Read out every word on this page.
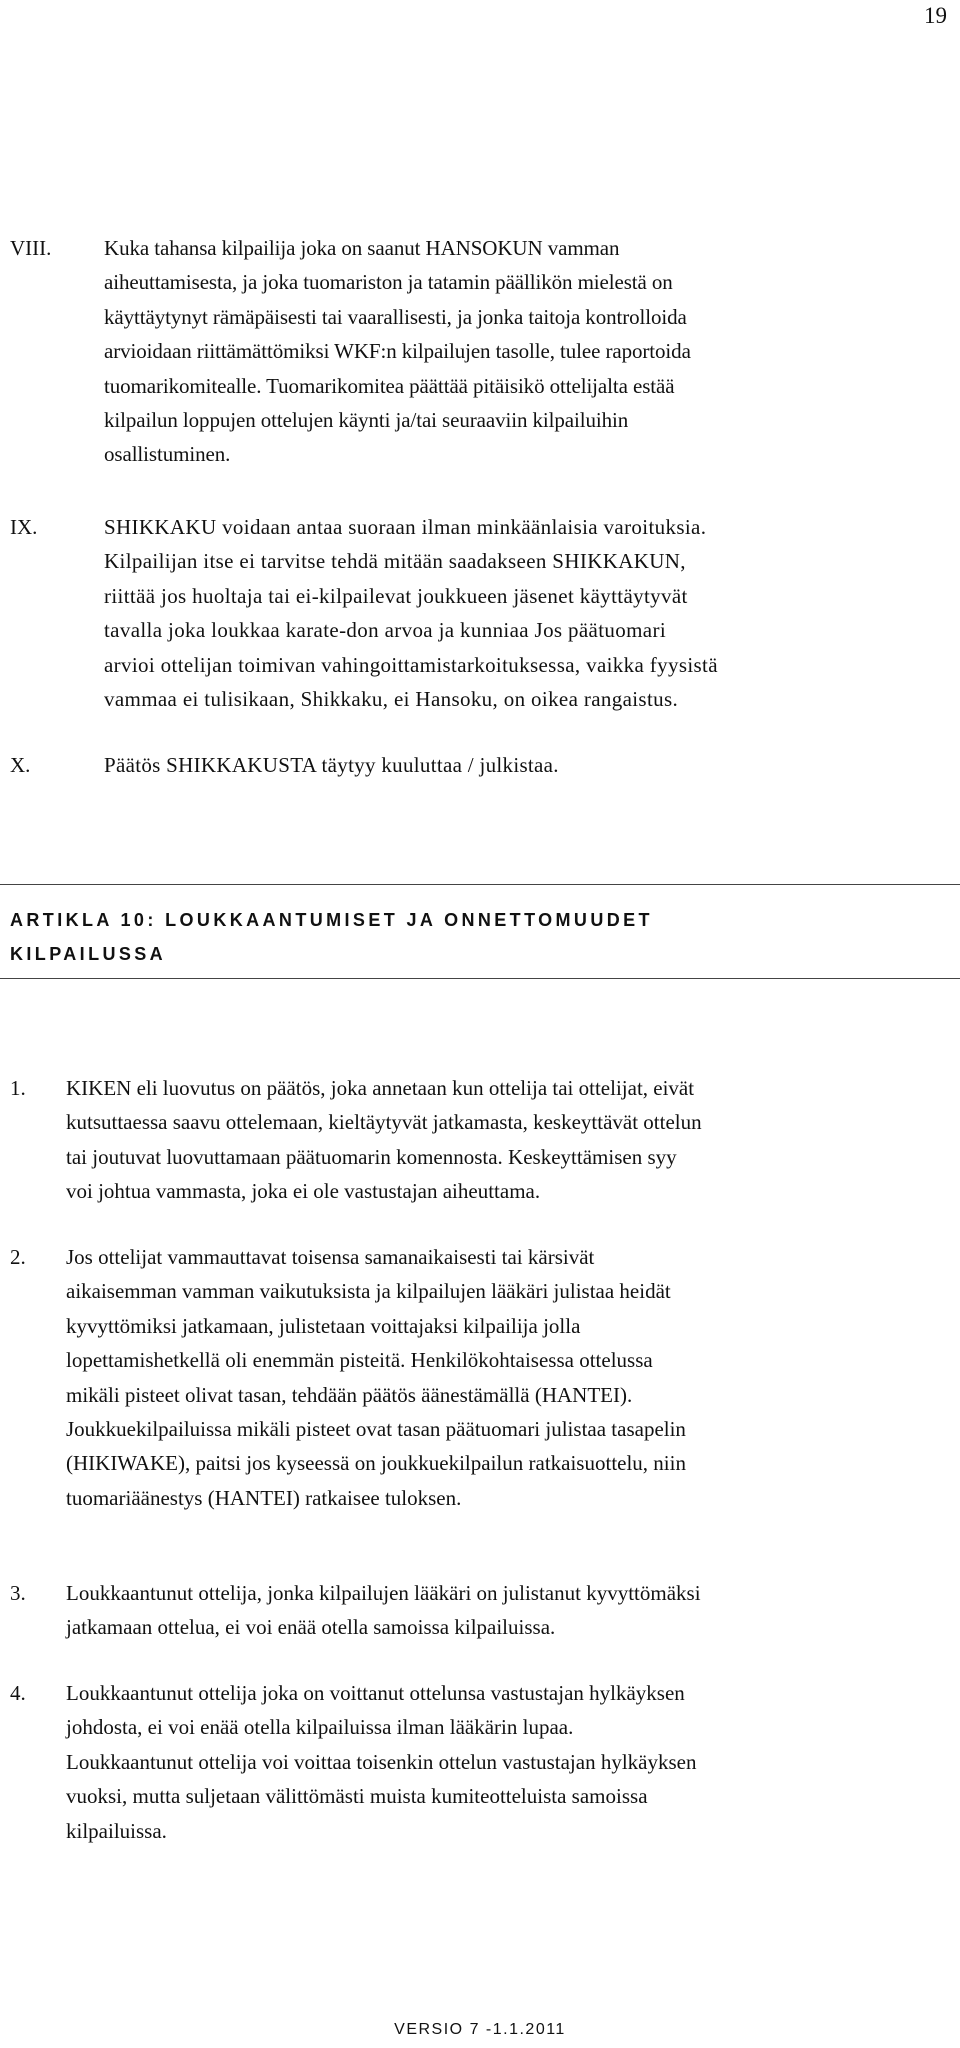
19
VIII.	Kuka tahansa kilpailija joka on saanut HANSOKUN vamman
aiheuttamisesta, ja joka tuomariston ja tatamin päällikön mielestä on
käyttäytynyt rämäpäisesti tai vaarallisesti, ja jonka taitoja kontrolloida
arvioidaan riittämättömiksi WKF:n kilpailujen tasolle, tulee raportoida
tuomarikomitealle. Tuomarikomitea päättää pitäisikö ottelijalta estää
kilpailun loppujen ottelujen käynti ja/tai seuraaviin kilpailuihin
osallistuminen.
IX.	SHIKKAKU voidaan antaa suoraan ilman minkäänlaisia varoituksia.
Kilpailijan itse ei tarvitse tehdä mitään saadakseen SHIKKAKUN,
riittää jos huoltaja tai ei-kilpailevat joukkueen jäsenet käyttäytyvät
tavalla joka loukkaa karate-don arvoa ja kunniaa Jos päätuomari
arvioi ottelijan toimivan vahingoittamistarkoituksessa, vaikka fyysistä
vammaa ei tulisikaan, Shikkaku, ei Hansoku, on oikea rangaistus.
X.	Päätös SHIKKAKUSTA täytyy kuuluttaa / julkistaa.
ARTIKLA 10: LOUKKAANTUMISET JA ONNETTOMUUDET
KILPAILUSSA
1. KIKEN eli luovutus on päätös, joka annetaan kun ottelija tai ottelijat, eivät
kutsuttaessa saavu ottelemaan, kieltäytyvät jatkamasta, keskeyttävät ottelun
tai joutuvat luovuttamaan päätuomarin komennosta. Keskeyttämisen syy
voi johtua vammasta, joka ei ole vastustajan aiheuttama.
2. Jos ottelijat vammauttavat toisensa samanaikaisesti tai kärsivät
aikaisemman vamman vaikutuksista ja kilpailujen lääkäri julistaa heidät
kyvyttömiksi jatkamaan, julistetaan voittajaksi kilpailija jolla
lopettamishetkellä oli enemmän pisteitä. Henkilökohtaisessa ottelussa
mikäli pisteet olivat tasan, tehdään päätös äänestämällä (HANTEI).
Joukkuekilpailuissa mikäli pisteet ovat tasan päätuomari julistaa tasapelin
(HIKIWAKE), paitsi jos kyseessä on joukkuekilpailun ratkaisuottelu, niin
tuomariäänestys (HANTEI) ratkaisee tuloksen.
3. Loukkaantunut ottelija, jonka kilpailujen lääkäri on julistanut kyvyttömäksi
jatkamaan ottelua, ei voi enää otella samoissa kilpailuissa.
4. Loukkaantunut ottelija joka on voittanut ottelunsa vastustajan hylkäyksen
johdosta, ei voi enää otella kilpailuissa ilman lääkärin lupaa.
Loukkaantunut ottelija voi voittaa toisenkin ottelun vastustajan hylkäyksen
vuoksi, mutta suljetaan välittömästi muista kumiteotteluista samoissa
kilpailuissa.
VERSIO 7 -1.1.2011
